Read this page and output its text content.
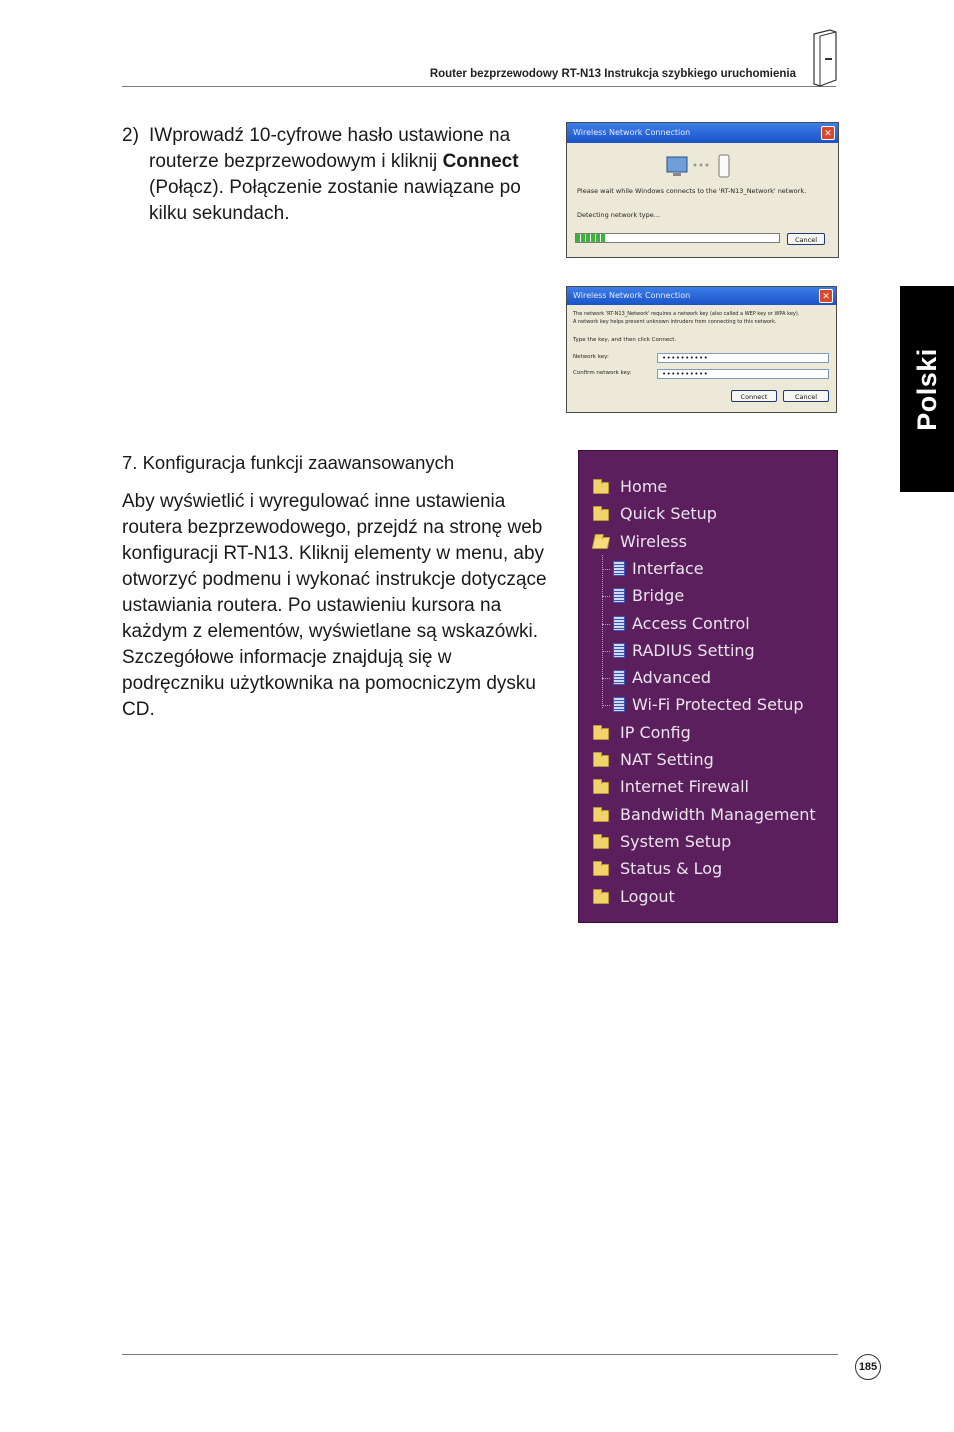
Router bezprzewodowy RT-N13 Instrukcja szybkiego uruchomienia
Polski
2) IWprowadź 10-cyfrowe hasło ustawione na routerze bezprzewodowym i kliknij Connect (Połącz). Połączenie zostanie nawiązane po kilku sekundach.
Wireless Network Connection	✕
Please wait while Windows connects to the 'RT-N13_Network' network.
Detecting network type...
Cancel
Wireless Network Connection	✕
The network 'RT-N13_Network' requires a network key (also called a WEP key or WPA key).
A network key helps prevent unknown intruders from connecting to this network.
Type the key, and then click Connect.
Network key:	••••••••••
Confirm network key:	••••••••••
Connect	Cancel
7. Konfiguracja funkcji zaawansowanych
Aby wyświetlić i wyregulować inne ustawienia routera bezprzewodowego, przejdź na stronę web konfiguracji RT-N13. Kliknij elementy w menu, aby otworzyć podmenu i wykonać instrukcje dotyczące ustawiania routera. Po ustawieniu kursora na każdym z elementów, wyświetlane są wskazówki. Szczegółowe informacje znajdują się w podręczniku użytkownika na pomocniczym dysku CD.
Home
Quick Setup
Wireless
Interface
Bridge
Access Control
RADIUS Setting
Advanced
Wi-Fi Protected Setup
IP Config
NAT Setting
Internet Firewall
Bandwidth Management
System Setup
Status & Log
Logout
185
